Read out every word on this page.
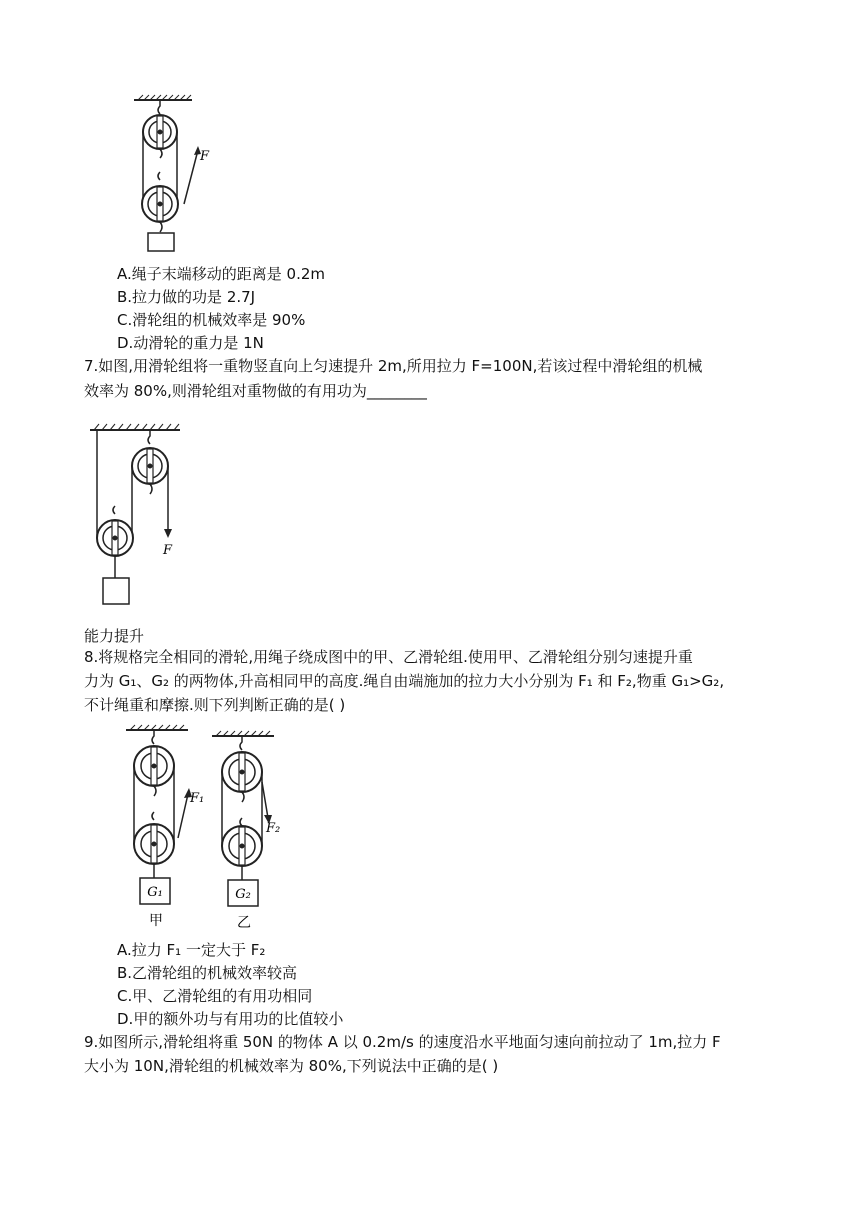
F
A.绳子末端移动的距离是 0.2m
B.拉力做的功是 2.7J
C.滑轮组的机械效率是 90%
D.动滑轮的重力是 1N
7.如图,用滑轮组将一重物竖直向上匀速提升 2m,所用拉力 F=100N,若该过程中滑轮组的机械
效率为 80%,则滑轮组对重物做的有用功为________
F
能力提升
8.将规格完全相同的滑轮,用绳子绕成图中的甲、乙滑轮组.使用甲、乙滑轮组分别匀速提升重
力为 G₁、G₂ 的两物体,升高相同甲的高度.绳自由端施加的拉力大小分别为 F₁ 和 F₂,物重 G₁>G₂,
不计绳重和摩擦.则下列判断正确的是( )
F₁
G₁
甲
F₂
G₂
乙
A.拉力 F₁ 一定大于 F₂
B.乙滑轮组的机械效率较高
C.甲、乙滑轮组的有用功相同
D.甲的额外功与有用功的比值较小
9.如图所示,滑轮组将重 50N 的物体 A 以 0.2m/s 的速度沿水平地面匀速向前拉动了 1m,拉力 F
大小为 10N,滑轮组的机械效率为 80%,下列说法中正确的是( )
